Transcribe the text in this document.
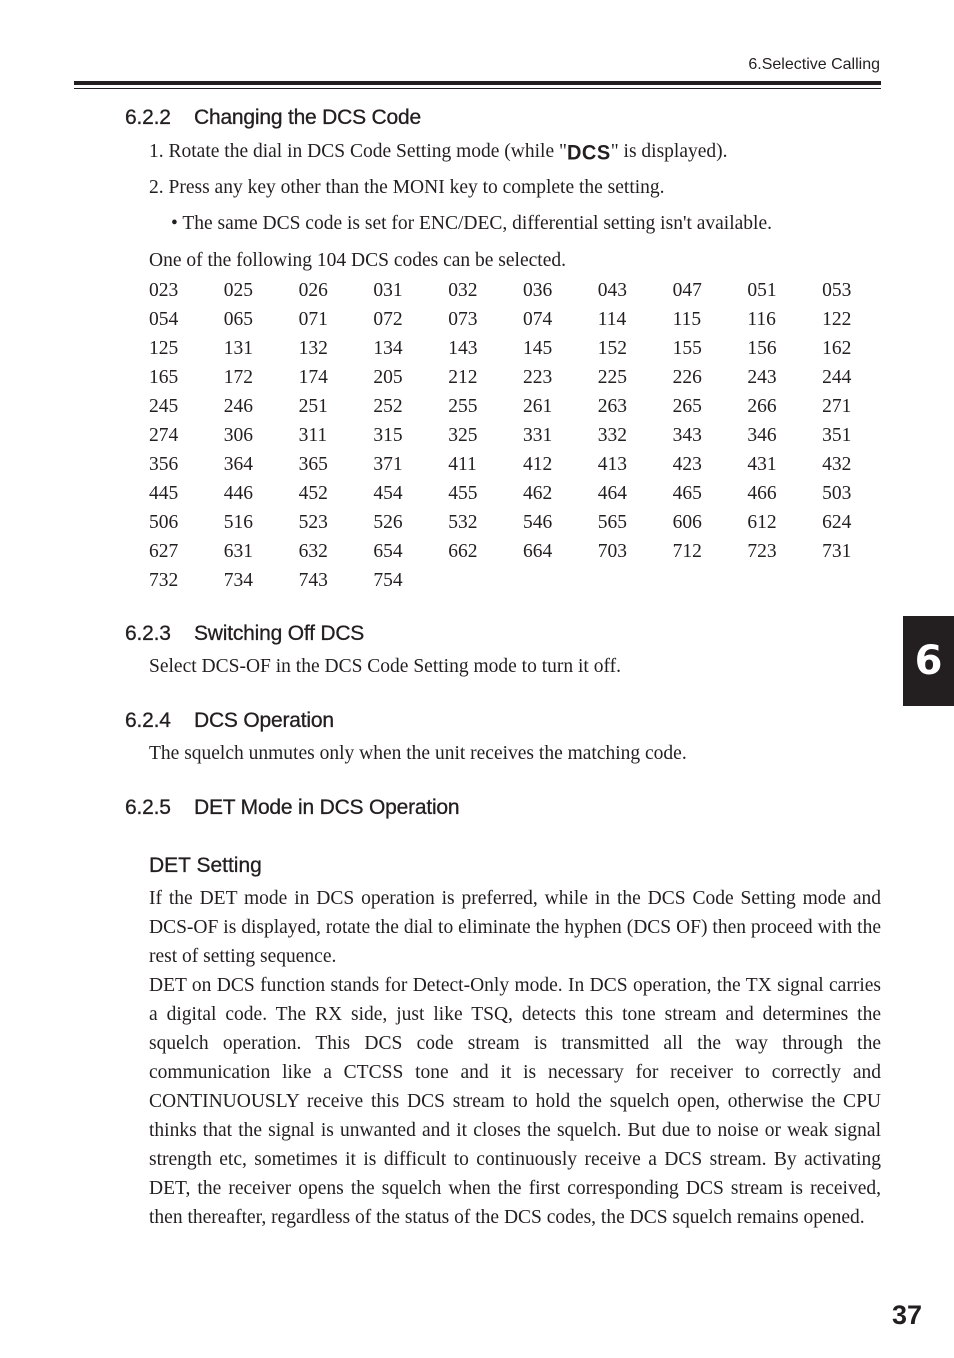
6.Selective Calling
6.2.2 Changing the DCS Code
1. Rotate the dial in DCS Code Setting mode (while "DCS" is displayed).
2. Press any key other than the MONI key to complete the setting.
• The same DCS code is set for ENC/DEC, differential setting isn't available.
One of the following 104 DCS codes can be selected.
023	025	026	031	032	036	043	047	051	053
054	065	071	072	073	074	114	115	116	122
125	131	132	134	143	145	152	155	156	162
165	172	174	205	212	223	225	226	243	244
245	246	251	252	255	261	263	265	266	271
274	306	311	315	325	331	332	343	346	351
356	364	365	371	411	412	413	423	431	432
445	446	452	454	455	462	464	465	466	503
506	516	523	526	532	546	565	606	612	624
627	631	632	654	662	664	703	712	723	731
732	734	743	754
6.2.3 Switching Off DCS
Select DCS-OF in the DCS Code Setting mode to turn it off.
6.2.4 DCS Operation
The squelch unmutes only when the unit receives the matching code.
6.2.5 DET Mode in DCS Operation
DET Setting

If the DET mode in DCS operation is preferred, while in the DCS Code Setting mode and DCS-OF is displayed, rotate the dial to eliminate the hyphen (DCS OF) then proceed with the rest of setting sequence.

DET on DCS function stands for Detect-Only mode. In DCS operation, the TX signal carries a digital code. The RX side, just like TSQ, detects this tone stream and determines the squelch operation. This DCS code stream is transmitted all the way through the communication like a CTCSS tone and it is necessary for receiver to correctly and CONTINUOUSLY receive this DCS stream to hold the squelch open, otherwise the CPU thinks that the signal is unwanted and it closes the squelch. But due to noise or weak signal strength etc, sometimes it is difficult to continuously receive a DCS stream. By activating DET, the receiver opens the squelch when the first corresponding DCS stream is received, then thereafter, regardless of the status of the DCS codes, the DCS squelch remains opened.

6
37
